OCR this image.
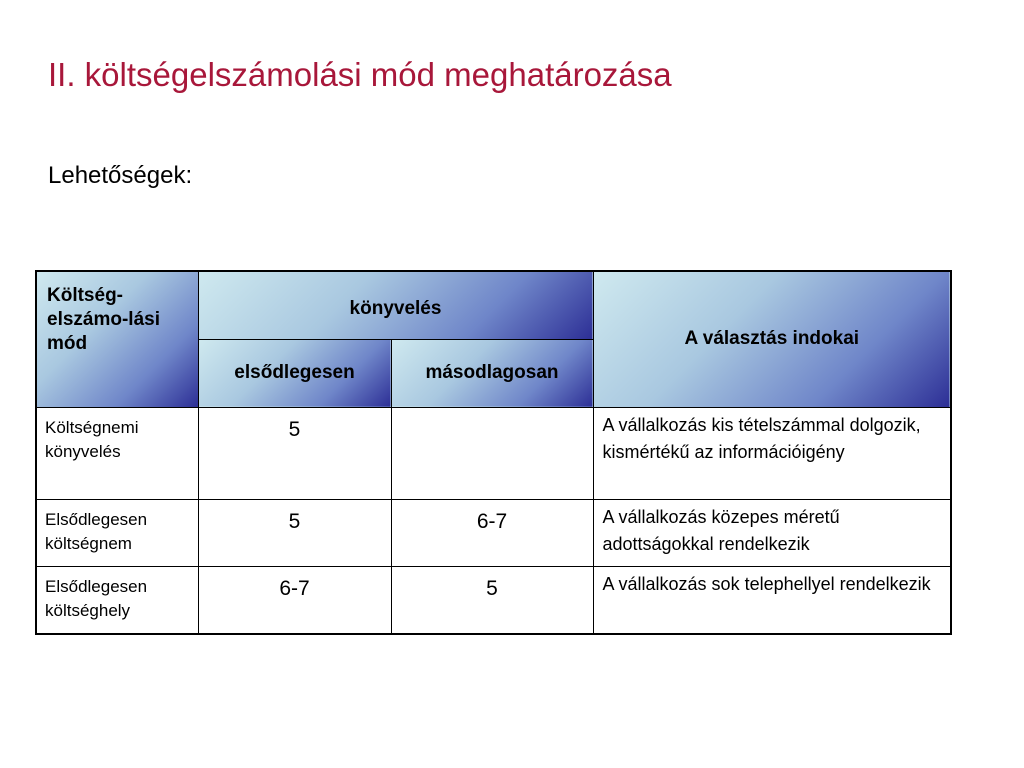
II. költségelszámolási mód meghatározása
Lehetőségek:
Költség-elszámo-lási mód	könyvelés		A választás indokai
	elsődlegesen	másodlagosan	
Költségnemi könyvelés	5		A vállalkozás kis tételszámmal dolgozik, kismértékű az információigény
Elsődlegesen költségnem	5	6-7	A vállalkozás közepes méretű adottságokkal rendelkezik
Elsődlegesen költséghely	6-7	5	A vállalkozás sok telephellyel rendelkezik
